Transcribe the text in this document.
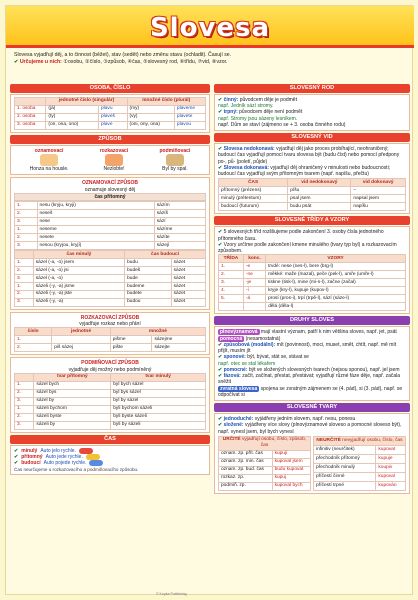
Slovesa
Slovesa vyjadřují děj, a to činnost (běžet), stav (sedět) nebo změnu stavu (ochladit). Časují se.
✔ Určujeme u nich: ①osobu, ②číslo, ③způsob, ④čas, ⑤slovesný rod, ⑥třídu, ⑦vid, ⑧vzor.
OSOBA, ČÍSLO
	jednotné číslo (singulár)		množné číslo (plurál)	
1. osoba	(já)	plavu	(my)	plaveme
2. osoba	(ty)	plaveš	(vy)	plavete
3. osoba	(on, ona, ono)	plave	(oni, ony, ona)	plavou
ZPŮSOB
oznamovací
Honza na housle.
rozkazovací
Nezlobte!
podmiňovací
Byl by spal.
OZNAMOVACÍ ZPŮSOB
oznamuje slovesný děj
čas přítomný
1.	nesu (kryju, kryji)	sázím
2.	neseš	sázíš
3.	nese	sází
1.	neseme	sázíme
2.	nesete	sázíte
3.	nesou (kryjou, kryjí)	sázejí
	čas minulý	čas budoucí	
1.	sázel (-a, -o) jsem	budu	sázet
2.	sázel (-a, -o) jsi	budeš	sázet
3.	sázel (-a, -o)	bude	sázet
1.	sázeli (-y, -a) jsme	budeme	sázet
2.	sázeli (-y, -a) jste	budete	sázet
3.	sázeli (-y, -a)	budou	sázet
ROZKAZOVACÍ ZPŮSOB
vyjadřuje rozkaz nebo přání
číslo	jednotné	množné	
1.		pišme	sázejme
2.	piš sázej	pište	sázejte
PODMIŇOVACÍ ZPŮSOB
vyjadřuje děj možný nebo podmíněný
	tvar přítomný	tvar minulý
1.	sázel bych	byl bych sázel
2.	sázel bys	byl bys sázel
3.	sázel by	byl by sázel
1.	sázeli bychom	byli bychom sázeli
2.	sázeli byste	byli byste sázeli
3.	sázeli by	byli by sázeli
ČAS
✔ minulý Auto jelo rychle.
✔ přítomný Auto jede rychle.
✔ budoucí Auto pojede rychle.
Čas neurčujeme u rozkazovacího a podmiňovacího způsobu.
SLOVESNÝ ROD
✔ činný: původcem děje je podmět
např. Jedník sází stromy.
✔ trpný: původcem děje není podmět
např. Stromy jsou sázeny lesníkem.
např. Dům se staví (zájmeno se + 3. osoba činného rodu)
SLOVESNÝ VID
✔ Slovesa nedokonavá: vyjadřují děj jako proces probíhající, neohraničený; budoucí čas vyjadřují pomocí tvaru slovesa být (budu číst) nebo pomocí předpony po-, pů- (poletí, půjde)
✔ Slovesa dokonavá: vyjadřují děj ohraničený v minulosti nebo budoucnosti; budoucí čas vyjadřují svým přítomným tvarem (např. napíšu, přečtu)
ČAS	vid nedokonavý	vid dokonavý
přítomný (prézens)	píšu	–
minulý (préteritum)	psal jsem	napsal jsem
budoucí (futurum)	budu psát	napíšu
SLOVESNÉ TŘÍDY A VZORY
✔ 5 slovesných tříd rozlišujeme podle zakončení 3. osoby čísla jednotného přítomného času.
✔ Vzory určíme podle zakončení kmene minulého (tvary typ byl) a rozkazovacím způsobem.
TŘÍDA	konc.	VZORY
1.	-e	trvdé: nese (nes-l), bere (brg-l)
2.	-ne	měkké: maže (mazal), peče (pek-l), umře (umře-l)
3.	-je	tiskne (tisk-l), mine (mi-n-l), začne (začal)
4.	-í	kryje (kry-l), kupuje (kupov-l)
5.	-á	prosí (pros-i), trpí (trpě-l), sází (sáze-l)
		dělá (děla-l)
DRUHY SLOVES
plnovýznamová mají vlastní význam, patří k nim většina sloves, např. jet, psát
pomocná (nesamostatná)
✔ způsobová (modální): mít (povinnost), moci, muset, smět, chtít, např. mě mít přijít, musím jít
✔ sponové: být, bývat, stát se, stávat se
např. otec se stal lékařem
✔ pomocné: být ve složených slovesných tvarech (nejsou sponou), např. jel jsem
✔ fázová: začít, začínat, přestat, přestávat; vyjadřují různé fáze děje, např. začala sněžit
zvratná slovesa spojena se zvratným zájmenem se (4. pád), si (3. pád), např. se odpočívat si
SLOVESNÉ TVARY
✔ jednoduché: vyjádřeny jedním slovem, např. nesu, ponesu
✔ složené: vyjádřeny více slovy (plnovýznamové sloveso a pomocné sloveso být), např. vynesl jsem, byl bych vynesl
URČITÉ vyjadřují osobu, číslo, způsob, čas	
oznam. zp. přít. čas	kupuji
oznam. zp. min. čas	kupoval jsem
oznam. zp. bud. čas	budu kupovat
rozkaz. zp.	kupuj
podmiň. zp.	kupoval bych
NEURČITÉ nevyjadřují osobu, číslo, čas	
infinitiv (neurčitek)	kupovat
přechodník přítomný	kupuje
přechodník minulý	koupiv
příčestí činné	kupoval
příčestí trpné	kupován
© Kupka Publishing
